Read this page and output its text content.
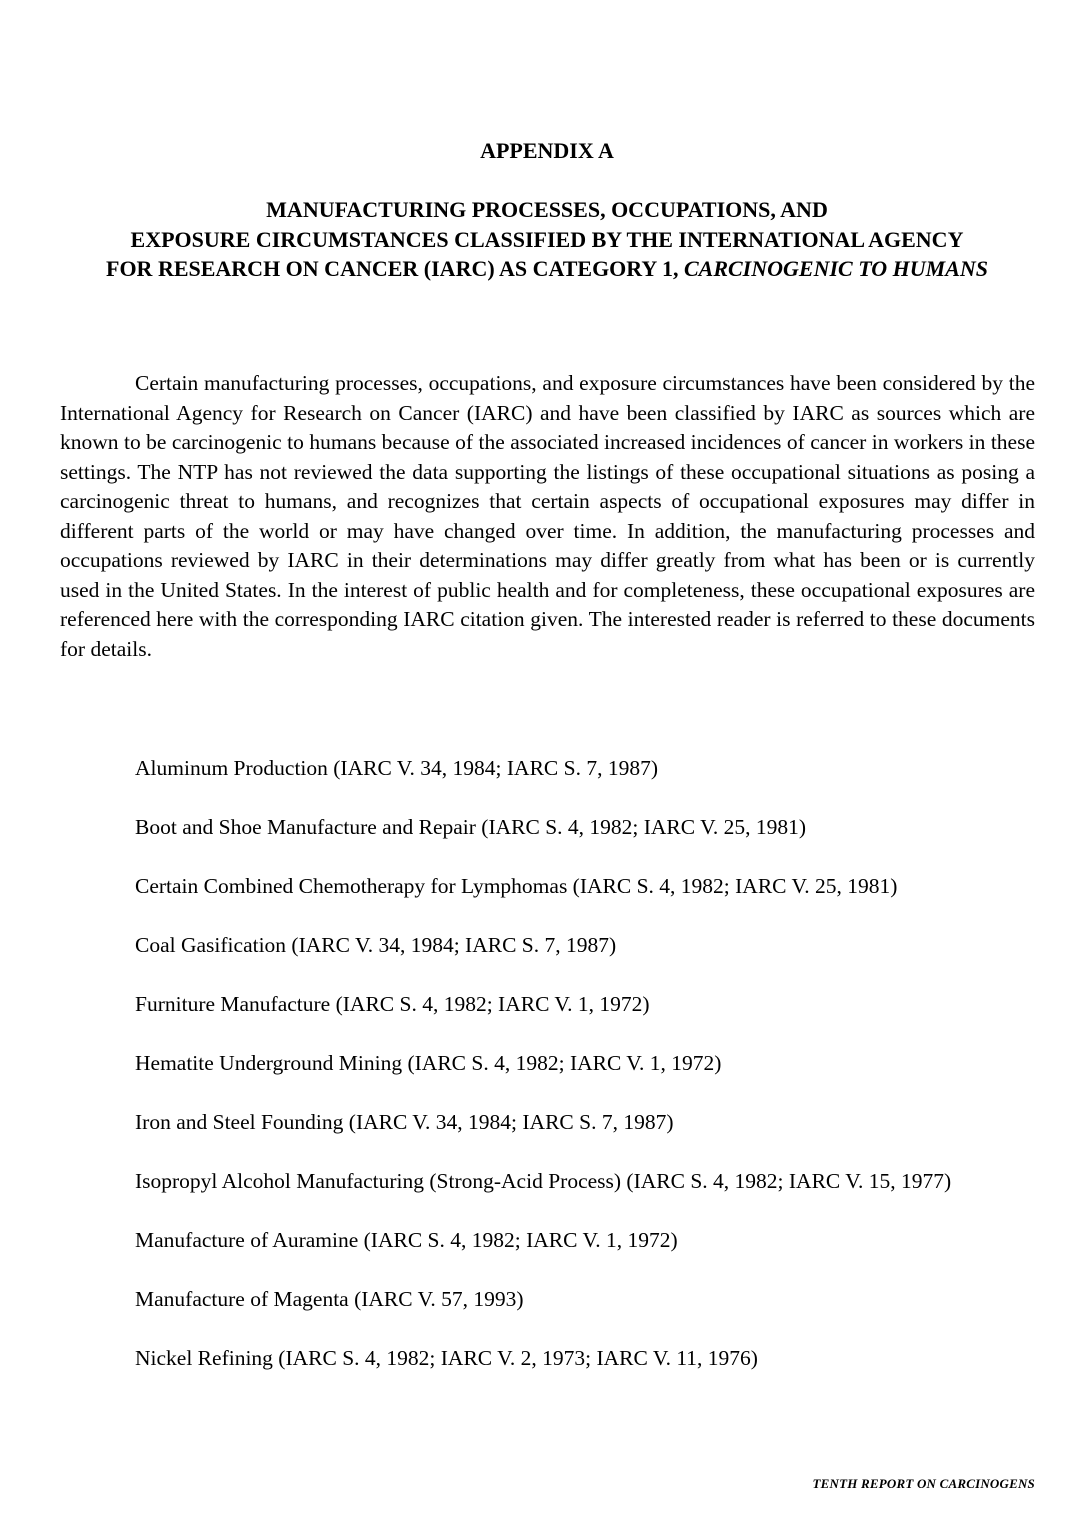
APPENDIX A
MANUFACTURING PROCESSES, OCCUPATIONS, AND
EXPOSURE CIRCUMSTANCES CLASSIFIED BY THE INTERNATIONAL AGENCY
FOR RESEARCH ON CANCER (IARC) AS CATEGORY 1, CARCINOGENIC TO HUMANS

Certain manufacturing processes, occupations, and exposure circumstances have been considered by the International Agency for Research on Cancer (IARC) and have been classified by IARC as sources which are known to be carcinogenic to humans because of the associated increased incidences of cancer in workers in these settings. The NTP has not reviewed the data supporting the listings of these occupational situations as posing a carcinogenic threat to humans, and recognizes that certain aspects of occupational exposures may differ in different parts of the world or may have changed over time. In addition, the manufacturing processes and occupations reviewed by IARC in their determinations may differ greatly from what has been or is currently used in the United States. In the interest of public health and for completeness, these occupational exposures are referenced here with the corresponding IARC citation given. The interested reader is referred to these documents for details.

Aluminum Production (IARC V. 34, 1984; IARC S. 7, 1987)
Boot and Shoe Manufacture and Repair (IARC S. 4, 1982; IARC V. 25, 1981)
Certain Combined Chemotherapy for Lymphomas (IARC S. 4, 1982; IARC V. 25, 1981)
Coal Gasification (IARC V. 34, 1984; IARC S. 7, 1987)
Furniture Manufacture (IARC S. 4, 1982; IARC V. 1, 1972)
Hematite Underground Mining (IARC S. 4, 1982; IARC V. 1, 1972)
Iron and Steel Founding (IARC V. 34, 1984; IARC S. 7, 1987)
Isopropyl Alcohol Manufacturing (Strong-Acid Process) (IARC S. 4, 1982; IARC V. 15, 1977)
Manufacture of Auramine (IARC S. 4, 1982; IARC V. 1, 1972)
Manufacture of Magenta (IARC V. 57, 1993)
Nickel Refining (IARC S. 4, 1982; IARC V. 2, 1973; IARC V. 11, 1976)
TENTH REPORT ON CARCINOGENS
